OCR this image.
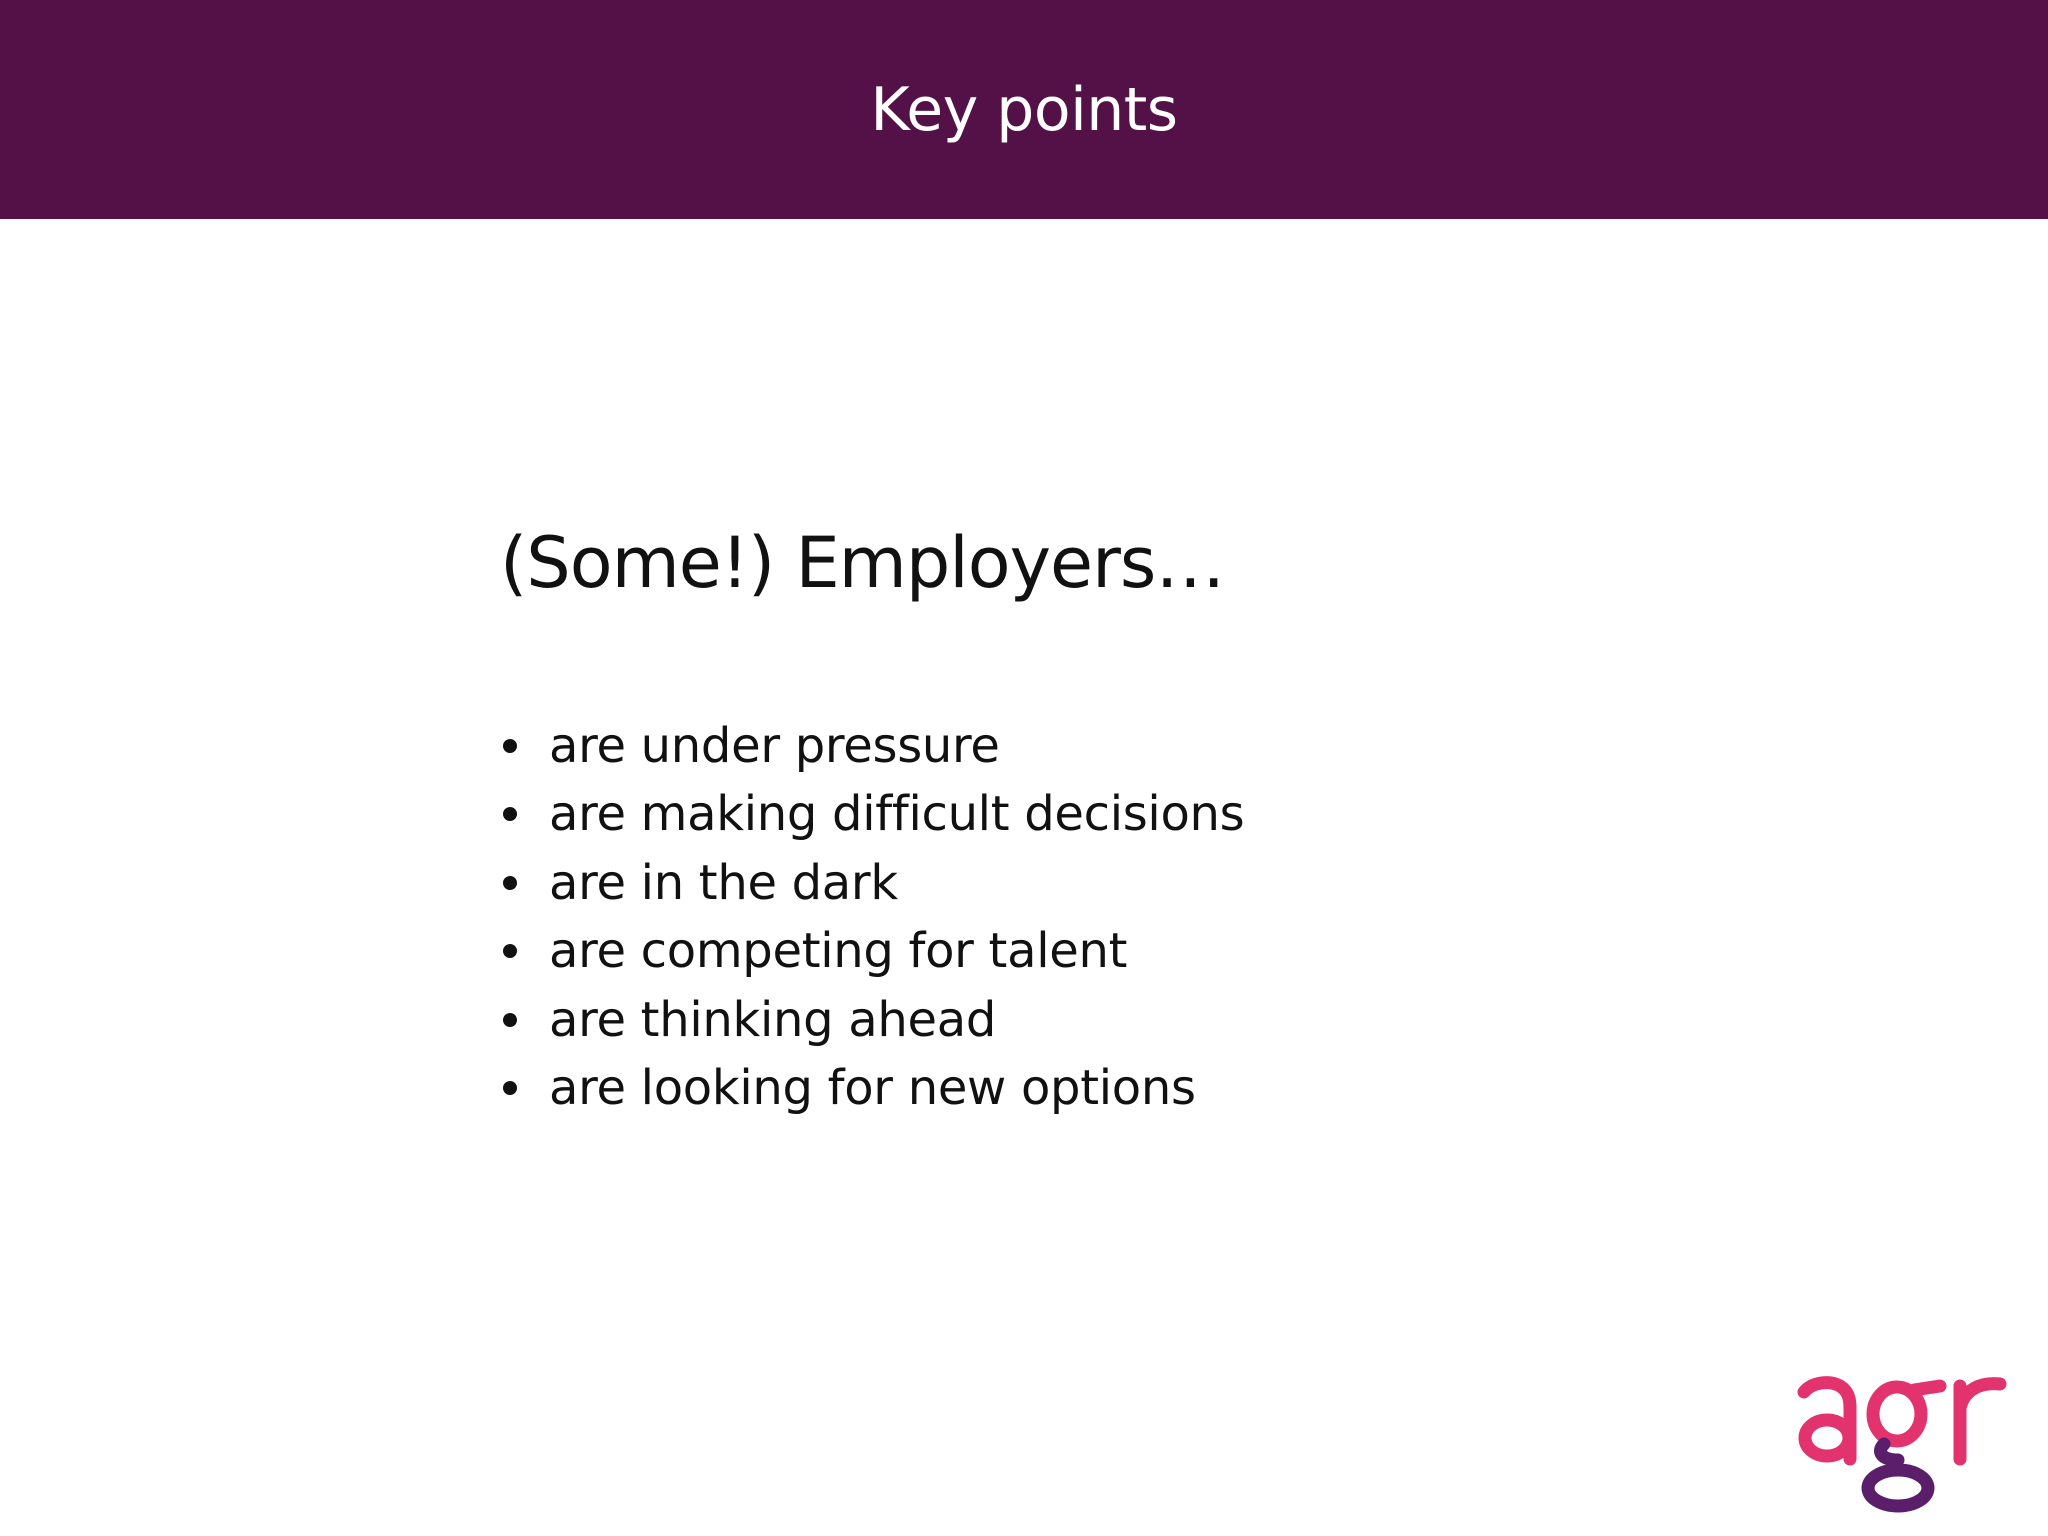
Key points
(Some!) Employers…
are under pressure
are making difficult decisions
are in the dark
are competing for talent
are thinking ahead
are looking for new options
